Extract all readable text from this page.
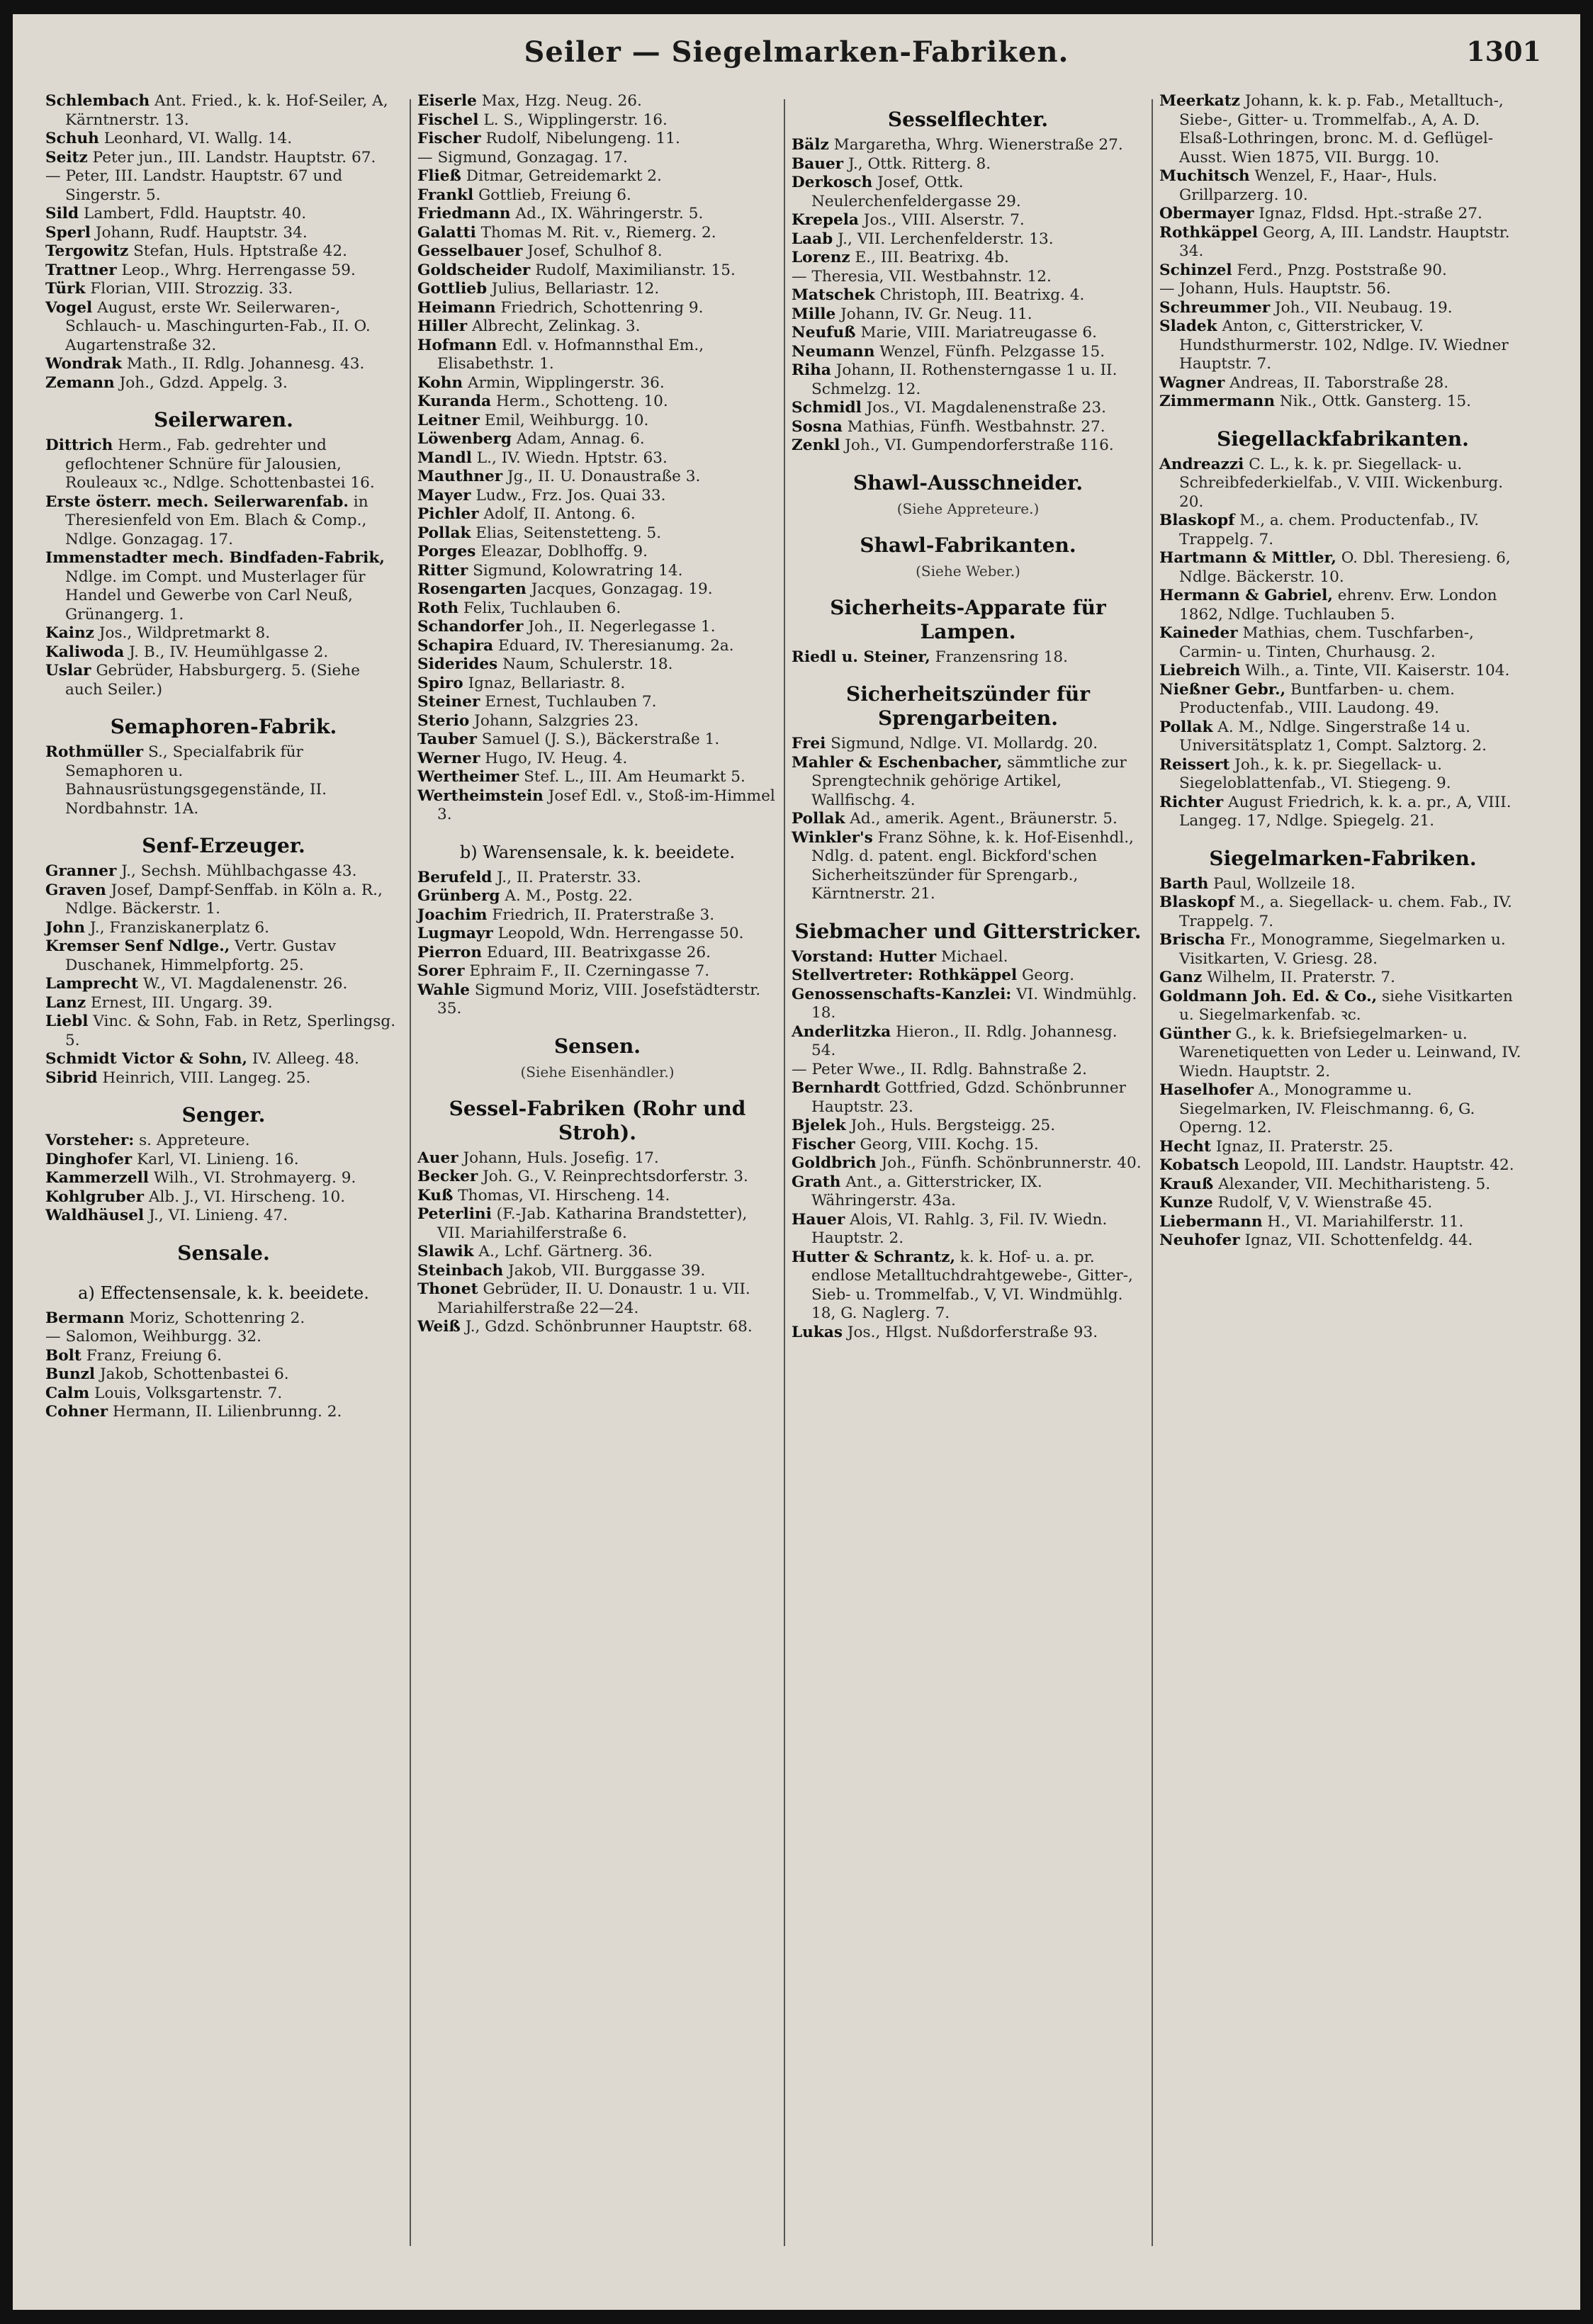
Seiler — Siegelmarken-Fabriken.	1301

Schlembach Ant. Fried., k. k. Hof-Seiler, A, Kärntnerstr. 13.

Schuh Leonhard, VI. Wallg. 14.

Seitz Peter jun., III. Landstr. Hauptstr. 67.

— Peter, III. Landstr. Hauptstr. 67 und Singerstr. 5.

Sild Lambert, Fdld. Hauptstr. 40.

Sperl Johann, Rudf. Hauptstr. 34.

Tergowitz Stefan, Huls. Hptstraße 42.

Trattner Leop., Whrg. Herrengasse 59.

Türk Florian, VIII. Strozzig. 33.

Vogel August, erste Wr. Seilerwaren-, Schlauch- u. Maschingurten-Fab., II. O. Augartenstraße 32.

Wondrak Math., II. Rdlg. Johannesg. 43.

Zemann Joh., Gdzd. Appelg. 3.

Seilerwaren.

Dittrich Herm., Fab. gedrehter und geflochtener Schnüre für Jalousien, Rouleaux ꝛc., Ndlge. Schottenbastei 16.

Erste österr. mech. Seilerwarenfab. in Theresienfeld von Em. Blach & Comp., Ndlge. Gonzagag. 17.

Immenstadter mech. Bindfaden-Fabrik, Ndlge. im Compt. und Musterlager für Handel und Gewerbe von Carl Neuß, Grünangerg. 1.

Kainz Jos., Wildpretmarkt 8.

Kaliwoda J. B., IV. Heumühlgasse 2.

Uslar Gebrüder, Habsburgerg. 5. (Siehe auch Seiler.)

Semaphoren-Fabrik.

Rothmüller S., Specialfabrik für Semaphoren u. Bahnausrüstungsgegenstände, II. Nordbahnstr. 1A.

Senf-Erzeuger.

Granner J., Sechsh. Mühlbachgasse 43.

Graven Josef, Dampf-Senffab. in Köln a. R., Ndlge. Bäckerstr. 1.

John J., Franziskanerplatz 6.

Kremser Senf Ndlge., Vertr. Gustav Duschanek, Himmelpfortg. 25.

Lamprecht W., VI. Magdalenenstr. 26.

Lanz Ernest, III. Ungarg. 39.

Liebl Vinc. & Sohn, Fab. in Retz, Sperlingsg. 5.

Schmidt Victor & Sohn, IV. Alleeg. 48.

Sibrid Heinrich, VIII. Langeg. 25.

Senger.

Vorsteher: s. Appreteure.

Dinghofer Karl, VI. Linieng. 16.

Kammerzell Wilh., VI. Strohmayerg. 9.

Kohlgruber Alb. J., VI. Hirscheng. 10.

Waldhäusel J., VI. Linieng. 47.

Sensale.
a) Effectensensale, k. k. beeidete.

Bermann Moriz, Schottenring 2.

— Salomon, Weihburgg. 32.

Bolt Franz, Freiung 6.

Bunzl Jakob, Schottenbastei 6.

Calm Louis, Volksgartenstr. 7.

Cohner Hermann, II. Lilienbrunng. 2.

Eiserle Max, Hzg. Neug. 26.

Fischel L. S., Wipplingerstr. 16.

Fischer Rudolf, Nibelungeng. 11.

— Sigmund, Gonzagag. 17.

Fließ Ditmar, Getreidemarkt 2.

Frankl Gottlieb, Freiung 6.

Friedmann Ad., IX. Währingerstr. 5.

Galatti Thomas M. Rit. v., Riemerg. 2.

Gesselbauer Josef, Schulhof 8.

Goldscheider Rudolf, Maximilianstr. 15.

Gottlieb Julius, Bellariastr. 12.

Heimann Friedrich, Schottenring 9.

Hiller Albrecht, Zelinkag. 3.

Hofmann Edl. v. Hofmannsthal Em., Elisabethstr. 1.

Kohn Armin, Wipplingerstr. 36.

Kuranda Herm., Schotteng. 10.

Leitner Emil, Weihburgg. 10.

Löwenberg Adam, Annag. 6.

Mandl L., IV. Wiedn. Hptstr. 63.

Mauthner Jg., II. U. Donaustraße 3.

Mayer Ludw., Frz. Jos. Quai 33.

Pichler Adolf, II. Antong. 6.

Pollak Elias, Seitenstetteng. 5.

Porges Eleazar, Doblhoffg. 9.

Ritter Sigmund, Kolowratring 14.

Rosengarten Jacques, Gonzagag. 19.

Roth Felix, Tuchlauben 6.

Schandorfer Joh., II. Negerlegasse 1.

Schapira Eduard, IV. Theresianumg. 2a.

Siderides Naum, Schulerstr. 18.

Spiro Ignaz, Bellariastr. 8.

Steiner Ernest, Tuchlauben 7.

Sterio Johann, Salzgries 23.

Tauber Samuel (J. S.), Bäckerstraße 1.

Werner Hugo, IV. Heug. 4.

Wertheimer Stef. L., III. Am Heumarkt 5.

Wertheimstein Josef Edl. v., Stoß-im-Himmel 3.

b) Warensensale, k. k. beeidete.

Berufeld J., II. Praterstr. 33.

Grünberg A. M., Postg. 22.

Joachim Friedrich, II. Praterstraße 3.

Lugmayr Leopold, Wdn. Herrengasse 50.

Pierron Eduard, III. Beatrixgasse 26.

Sorer Ephraim F., II. Czerningasse 7.

Wahle Sigmund Moriz, VIII. Josefstädterstr. 35.

Sensen.
(Siehe Eisenhändler.)
Sessel-Fabriken (Rohr und Stroh).

Auer Johann, Huls. Josefig. 17.

Becker Joh. G., V. Reinprechtsdorferstr. 3.

Kuß Thomas, VI. Hirscheng. 14.

Peterlini (F.-Jab. Katharina Brandstetter), VII. Mariahilferstraße 6.

Slawik A., Lchf. Gärtnerg. 36.

Steinbach Jakob, VII. Burggasse 39.

Thonet Gebrüder, II. U. Donaustr. 1 u. VII. Mariahilferstraße 22—24.

Weiß J., Gdzd. Schönbrunner Hauptstr. 68.

Sesselflechter.

Bälz Margaretha, Whrg. Wienerstraße 27.

Bauer J., Ottk. Ritterg. 8.

Derkosch Josef, Ottk. Neulerchenfeldergasse 29.

Krepela Jos., VIII. Alserstr. 7.

Laab J., VII. Lerchenfelderstr. 13.

Lorenz E., III. Beatrixg. 4b.

— Theresia, VII. Westbahnstr. 12.

Matschek Christoph, III. Beatrixg. 4.

Mille Johann, IV. Gr. Neug. 11.

Neufuß Marie, VIII. Mariatreugasse 6.

Neumann Wenzel, Fünfh. Pelzgasse 15.

Riha Johann, II. Rothensterngasse 1 u. II. Schmelzg. 12.

Schmidl Jos., VI. Magdalenenstraße 23.

Sosna Mathias, Fünfh. Westbahnstr. 27.

Zenkl Joh., VI. Gumpendorferstraße 116.

Shawl-Ausschneider.
(Siehe Appreteure.)
Shawl-Fabrikanten.
(Siehe Weber.)
Sicherheits-Apparate für Lampen.

Riedl u. Steiner, Franzensring 18.

Sicherheitszünder für Sprengarbeiten.

Frei Sigmund, Ndlge. VI. Mollardg. 20.

Mahler & Eschenbacher, sämmtliche zur Sprengtechnik gehörige Artikel, Wallfischg. 4.

Pollak Ad., amerik. Agent., Bräunerstr. 5.

Winkler's Franz Söhne, k. k. Hof-Eisenhdl., Ndlg. d. patent. engl. Bickford'schen Sicherheitszünder für Sprengarb., Kärntnerstr. 21.

Siebmacher und Gitterstricker.

Vorstand: Hutter Michael.

Stellvertreter: Rothkäppel Georg.

Genossenschafts-Kanzlei: VI. Windmühlg. 18.

Anderlitzka Hieron., II. Rdlg. Johannesg. 54.

— Peter Wwe., II. Rdlg. Bahnstraße 2.

Bernhardt Gottfried, Gdzd. Schönbrunner Hauptstr. 23.

Bjelek Joh., Huls. Bergsteigg. 25.

Fischer Georg, VIII. Kochg. 15.

Goldbrich Joh., Fünfh. Schönbrunnerstr. 40.

Grath Ant., a. Gitterstricker, IX. Währingerstr. 43a.

Hauer Alois, VI. Rahlg. 3, Fil. IV. Wiedn. Hauptstr. 2.

Hutter & Schrantz, k. k. Hof- u. a. pr. endlose Metalltuchdrahtgewebe-, Gitter-, Sieb- u. Trommelfab., V, VI. Windmühlg. 18, G. Naglerg. 7.

Lukas Jos., Hlgst. Nußdorferstraße 93.

Meerkatz Johann, k. k. p. Fab., Metalltuch-, Siebe-, Gitter- u. Trommelfab., A, A. D. Elsaß-Lothringen, bronc. M. d. Geflügel-Ausst. Wien 1875, VII. Burgg. 10.

Muchitsch Wenzel, F., Haar-, Huls. Grillparzerg. 10.

Obermayer Ignaz, Fldsd. Hpt.-straße 27.

Rothkäppel Georg, A, III. Landstr. Hauptstr. 34.

Schinzel Ferd., Pnzg. Poststraße 90.

— Johann, Huls. Hauptstr. 56.

Schreummer Joh., VII. Neubaug. 19.

Sladek Anton, c, Gitterstricker, V. Hundsthurmerstr. 102, Ndlge. IV. Wiedner Hauptstr. 7.

Wagner Andreas, II. Taborstraße 28.

Zimmermann Nik., Ottk. Gansterg. 15.

Siegellackfabrikanten.

Andreazzi C. L., k. k. pr. Siegellack- u. Schreibfederkielfab., V. VIII. Wickenburg. 20.

Blaskopf M., a. chem. Productenfab., IV. Trappelg. 7.

Hartmann & Mittler, O. Dbl. Theresieng. 6, Ndlge. Bäckerstr. 10.

Hermann & Gabriel, ehrenv. Erw. London 1862, Ndlge. Tuchlauben 5.

Kaineder Mathias, chem. Tuschfarben-, Carmin- u. Tinten, Churhausg. 2.

Liebreich Wilh., a. Tinte, VII. Kaiserstr. 104.

Nießner Gebr., Buntfarben- u. chem. Productenfab., VIII. Laudong. 49.

Pollak A. M., Ndlge. Singerstraße 14 u. Universitätsplatz 1, Compt. Salztorg. 2.

Reissert Joh., k. k. pr. Siegellack- u. Siegeloblattenfab., VI. Stiegeng. 9.

Richter August Friedrich, k. k. a. pr., A, VIII. Langeg. 17, Ndlge. Spiegelg. 21.

Siegelmarken-Fabriken.

Barth Paul, Wollzeile 18.

Blaskopf M., a. Siegellack- u. chem. Fab., IV. Trappelg. 7.

Brischa Fr., Monogramme, Siegelmarken u. Visitkarten, V. Griesg. 28.

Ganz Wilhelm, II. Praterstr. 7.

Goldmann Joh. Ed. & Co., siehe Visitkarten u. Siegelmarkenfab. ꝛc.

Günther G., k. k. Briefsiegelmarken- u. Warenetiquetten von Leder u. Leinwand, IV. Wiedn. Hauptstr. 2.

Haselhofer A., Monogramme u. Siegelmarken, IV. Fleischmanng. 6, G. Operng. 12.

Hecht Ignaz, II. Praterstr. 25.

Kobatsch Leopold, III. Landstr. Hauptstr. 42.

Krauß Alexander, VII. Mechitharisteng. 5.

Kunze Rudolf, V, V. Wienstraße 45.

Liebermann H., VI. Mariahilferstr. 11.

Neuhofer Ignaz, VII. Schottenfeldg. 44.
